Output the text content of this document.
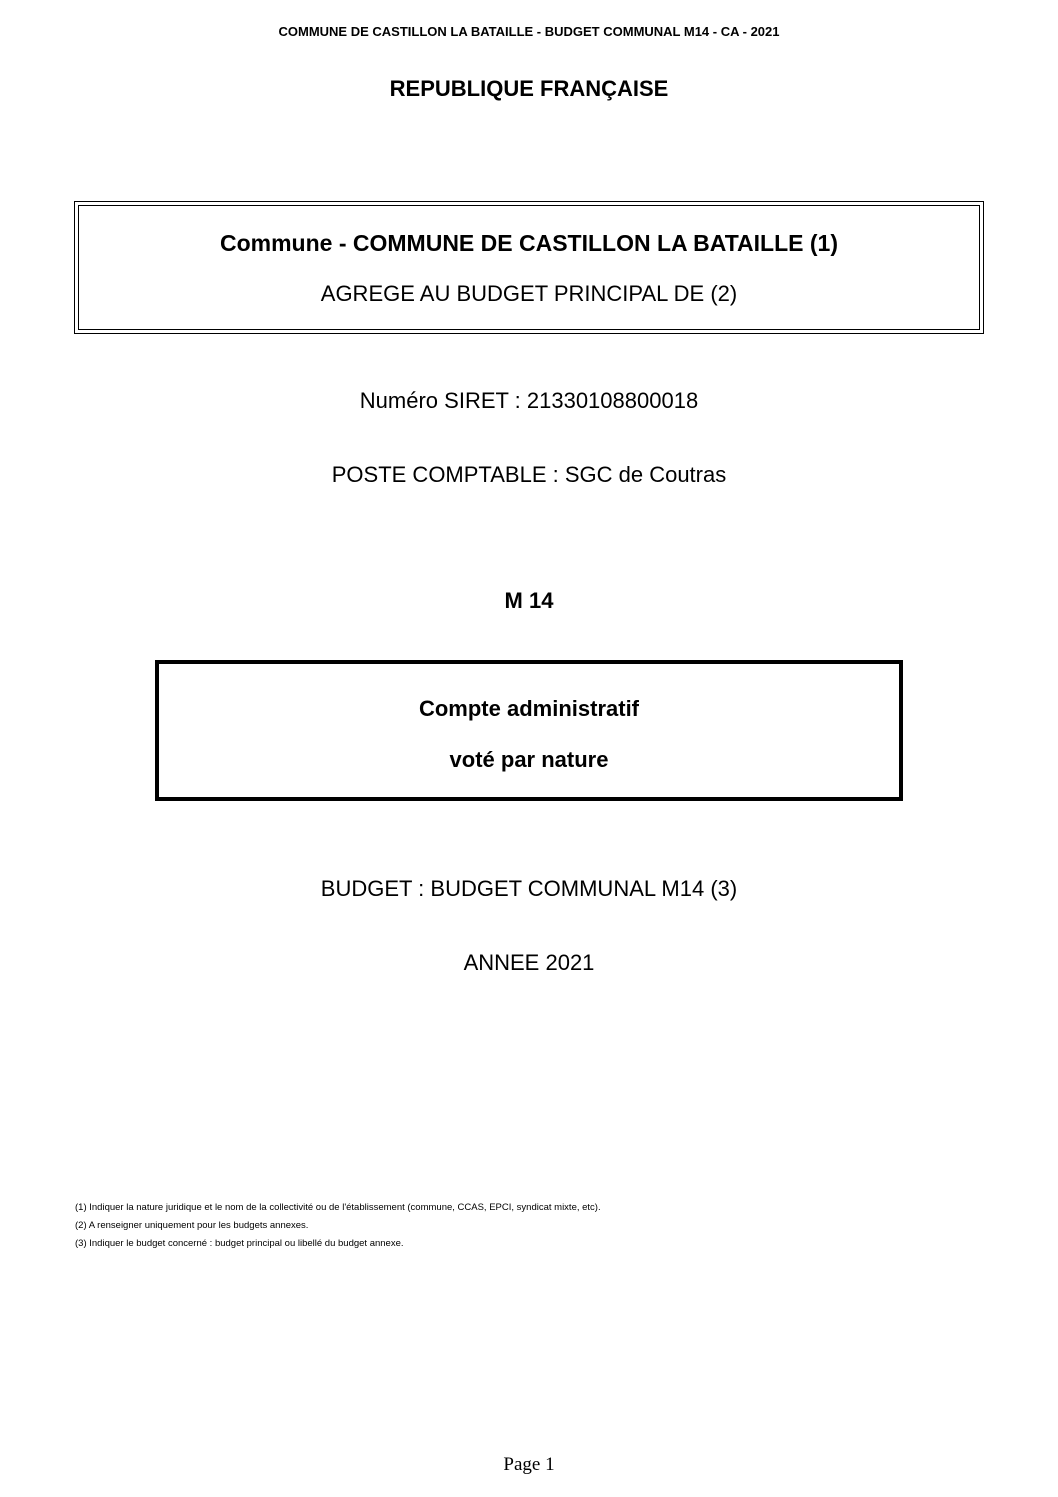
COMMUNE DE CASTILLON LA BATAILLE - BUDGET COMMUNAL M14 - CA - 2021
REPUBLIQUE FRANÇAISE
Commune - COMMUNE DE CASTILLON LA BATAILLE (1)
AGREGE AU BUDGET PRINCIPAL DE (2)
Numéro SIRET : 21330108800018
POSTE COMPTABLE : SGC de Coutras
M 14
Compte administratif
voté par nature
BUDGET : BUDGET COMMUNAL M14 (3)
ANNEE 2021
(1) Indiquer la nature juridique et le nom de la collectivité ou de l'établissement (commune, CCAS, EPCI, syndicat mixte, etc).
(2) A renseigner uniquement pour les budgets annexes.
(3) Indiquer le budget concerné : budget principal ou libellé du budget annexe.
Page 1
